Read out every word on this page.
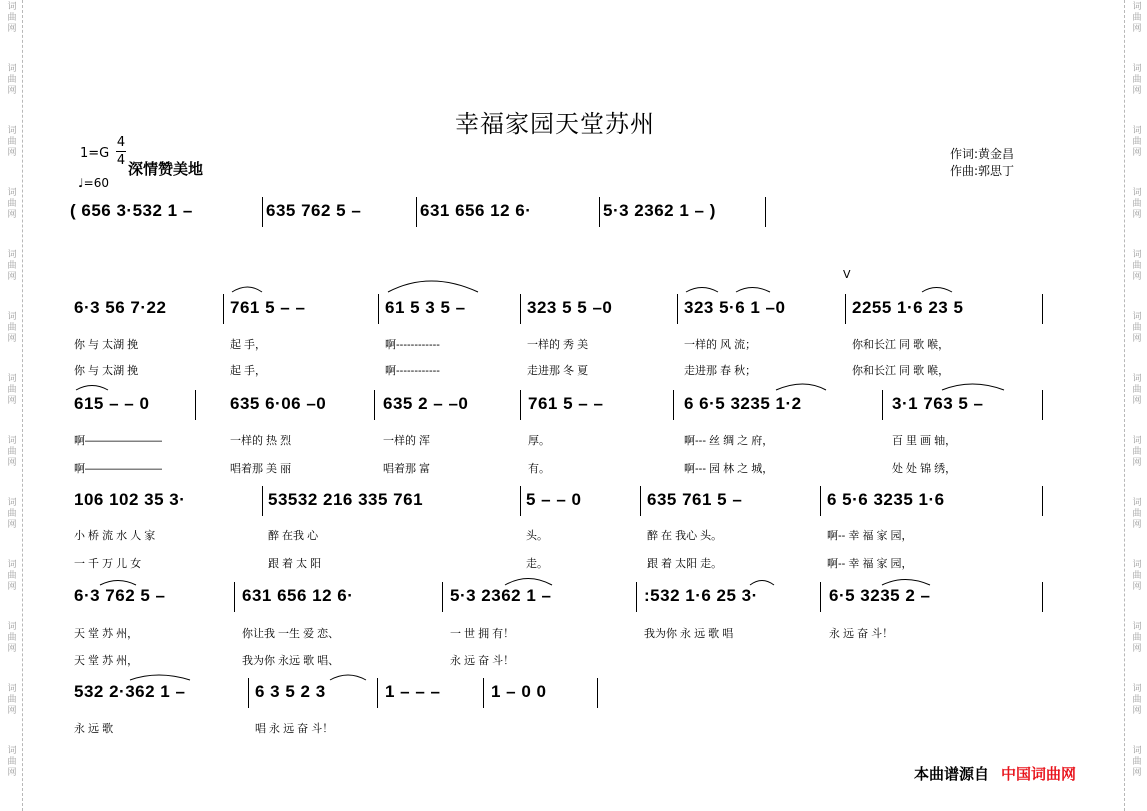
词
曲
网
词
曲
网
词
曲
网
词
曲
网
词
曲
网
词
曲
网
词
曲
网
词
曲
网
词
曲
网
词
曲
网
词
曲
网
词
曲
网
词
曲
网
词
曲
网
词
曲
网
词
曲
网
词
曲
网
词
曲
网
词
曲
网
词
曲
网
词
曲
网
词
曲
网
词
曲
网
词
曲
网
词
曲
网
词
曲
网
幸福家园天堂苏州
1=G
4
4 深情赞美地
♩=60
作词:黄金昌
作曲:郭思丁
V
( 656 3·532 1 –	635 762 5 –	631 656 12 6·	5·3 2362 1 – )
6·3 56 7·22	761 5 – –	61 5 3 5 –	323 5 5 –0	323 5·6 1 –0	2255 1·6 23 5
你 与 太湖 挽	起 手，	啊------------	一样的 秀 美	一样的 风 流；	你和长江 同 歌 喉，
你 与 太湖 挽	起 手，	啊------------	走进那 冬 夏	走进那 春 秋；	你和长江 同 歌 喉，
615 – – 0	635 6·06 –0	635 2 – –0	761 5 – –	6 6·5 3235 1·2	3·1 763 5 –
啊———————	一样的 热 烈	一样的 浑	厚。	啊--- 丝 绸 之 府，	百 里 画 轴，
啊———————	唱着那 美 丽	唱着那 富	有。	啊--- 园 林 之 城，	处 处 锦 绣，
106 102 35 3·	53532 216 335 761	5 – – 0	635 761 5 –	6 5·6 3235 1·6
小 桥 流 水 人 家	醉 在我 心	头。	醉 在 我心 头。	啊-- 幸 福 家 园，
一 千 万 儿 女	跟 着 太 阳	走。	跟 着 太阳 走。	啊-- 幸 福 家 园，
6·3 762 5 –	631 656 12 6·	5·3 2362 1 –	:532 1·6 25 3·	6·5 3235 2 –
天 堂 苏 州，	你让我 一生 爱 恋、	一 世 拥 有！	我为你 永 远 歌 唱	永 远 奋 斗！
天 堂 苏 州，	我为你 永远 歌 唱、	永 远 奋 斗！
532 2·362 1 –	6 3 5 2 3	1 – – –	1 – 0 0
永 远 歌	唱 永 远 奋 斗！
本曲谱源自 中国词曲网
